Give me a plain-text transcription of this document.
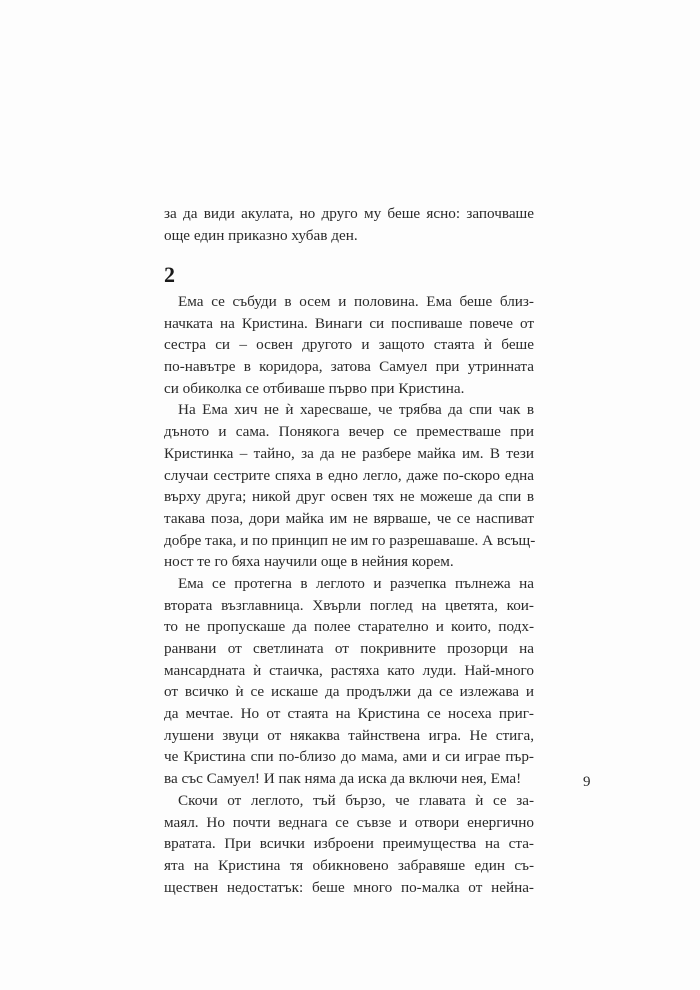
за да види акулата, но друго му беше ясно: започваше
още един приказно хубав ден.
2
Ема се събуди в осем и половина. Ема беше близ-
начката на Кристина. Винаги си поспиваше повече от
сестра си – освен другото и защото стаята ѝ беше
по-навътре в коридора, затова Самуел при утринната
си обиколка се отбиваше първо при Кристина.
На Ема хич не ѝ харесваше, че трябва да спи чак в
дъното и сама. Понякога вечер се преместваше при
Кристинка – тайно, за да не разбере майка им. В тези
случаи сестрите спяха в едно легло, даже по-скоро една
върху друга; никой друг освен тях не можеше да спи в
такава поза, дори майка им не вярваше, че се наспиват
добре така, и по принцип не им го разрешаваше. А всъщ-
ност те го бяха научили още в нейния корем.
Ема се протегна в леглото и разчепка пълнежа на
втората възглавница. Хвърли поглед на цветята, кои-
то не пропускаше да полее старателно и които, подх-
ранвани от светлината от покривните прозорци на
мансардната ѝ стаичка, растяха като луди. Най-много
от всичко ѝ се искаше да продължи да се излежава и
да мечтае. Но от стаята на Кристина се носеха приг-
лушени звуци от някаква тайнствена игра. Не стига,
че Кристина спи по-близо до мама, ами и си играе пър-
ва със Самуел! И пак няма да иска да включи нея, Ема!
Скочи от леглото, тъй бързо, че главата ѝ се за-
маял. Но почти веднага се съвзе и отвори енергично
вратата. При всички изброени преимущества на ста-
ята на Кристина тя обикновено забравяше един съ-
ществен недостатък: беше много по-малка от нейна-
9
